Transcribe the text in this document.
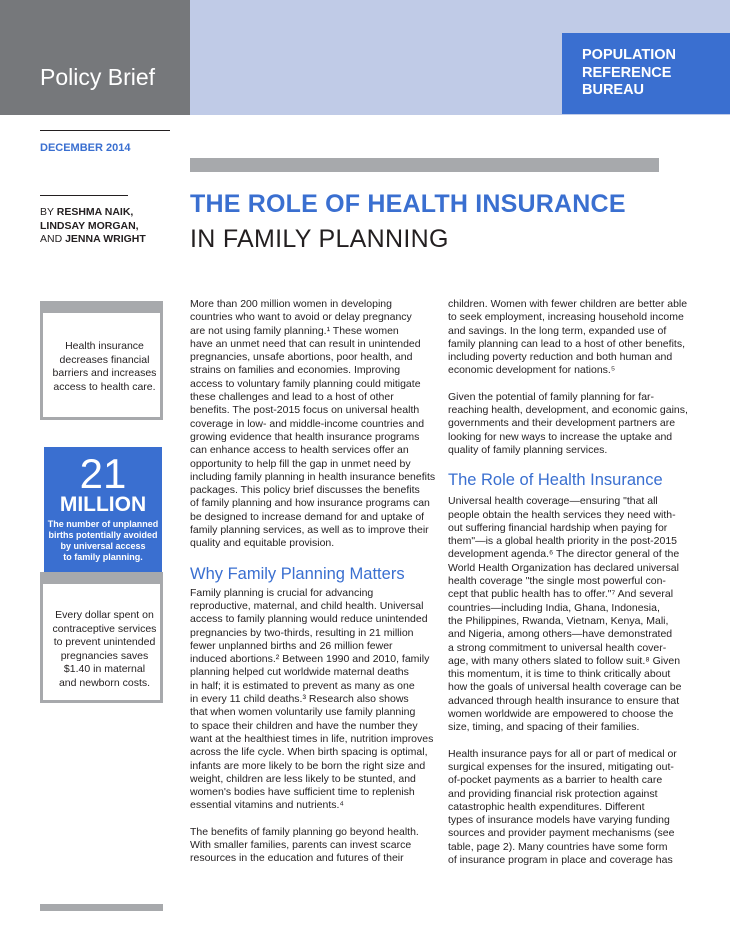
Policy Brief
POPULATION
REFERENCE
BUREAU
DECEMBER 2014
BY RESHMA NAIK,
LINDSAY MORGAN,
AND JENNA WRIGHT
THE ROLE OF HEALTH INSURANCE
IN FAMILY PLANNING
Health insurance
decreases financial
barriers and increases
access to health care.
21
MILLION
The number of unplanned
births potentially avoided
by universal access
to family planning.
Every dollar spent on
contraceptive services
to prevent unintended
pregnancies saves
$1.40 in maternal
and newborn costs.

More than 200 million women in developing

countries who want to avoid or delay pregnancy

are not using family planning.¹ These women

have an unmet need that can result in unintended

pregnancies, unsafe abortions, poor health, and

strains on families and economies. Improving

access to voluntary family planning could mitigate

these challenges and lead to a host of other

benefits. The post-2015 focus on universal health

coverage in low- and middle-income countries and

growing evidence that health insurance programs

can enhance access to health services offer an

opportunity to help fill the gap in unmet need by

including family planning in health insurance benefits

packages. This policy brief discusses the benefits

of family planning and how insurance programs can

be designed to increase demand for and uptake of

family planning services, as well as to improve their

quality and equitable provision.

Why Family Planning Matters

Family planning is crucial for advancing

reproductive, maternal, and child health. Universal

access to family planning would reduce unintended

pregnancies by two-thirds, resulting in 21 million

fewer unplanned births and 26 million fewer

induced abortions.² Between 1990 and 2010, family

planning helped cut worldwide maternal deaths

in half; it is estimated to prevent as many as one

in every 11 child deaths.³ Research also shows

that when women voluntarily use family planning

to space their children and have the number they

want at the healthiest times in life, nutrition improves

across the life cycle. When birth spacing is optimal,

infants are more likely to be born the right size and

weight, children are less likely to be stunted, and

women's bodies have sufficient time to replenish

essential vitamins and nutrients.⁴

The benefits of family planning go beyond health.

With smaller families, parents can invest scarce

resources in the education and futures of their

children. Women with fewer children are better able

to seek employment, increasing household income

and savings. In the long term, expanded use of

family planning can lead to a host of other benefits,

including poverty reduction and both human and

economic development for nations.⁵

Given the potential of family planning for far-

reaching health, development, and economic gains,

governments and their development partners are

looking for new ways to increase the uptake and

quality of family planning services.

The Role of Health Insurance

Universal health coverage—ensuring "that all

people obtain the health services they need with-

out suffering financial hardship when paying for

them"—is a global health priority in the post-2015

development agenda.⁶ The director general of the

World Health Organization has declared universal

health coverage "the single most powerful con-

cept that public health has to offer."⁷ And several

countries—including India, Ghana, Indonesia,

the Philippines, Rwanda, Vietnam, Kenya, Mali,

and Nigeria, among others—have demonstrated

a strong commitment to universal health cover-

age, with many others slated to follow suit.⁸ Given

this momentum, it is time to think critically about

how the goals of universal health coverage can be

advanced through health insurance to ensure that

women worldwide are empowered to choose the

size, timing, and spacing of their families.

Health insurance pays for all or part of medical or

surgical expenses for the insured, mitigating out-

of-pocket payments as a barrier to health care

and providing financial risk protection against

catastrophic health expenditures. Different

types of insurance models have varying funding

sources and provider payment mechanisms (see

table, page 2). Many countries have some form

of insurance program in place and coverage has
